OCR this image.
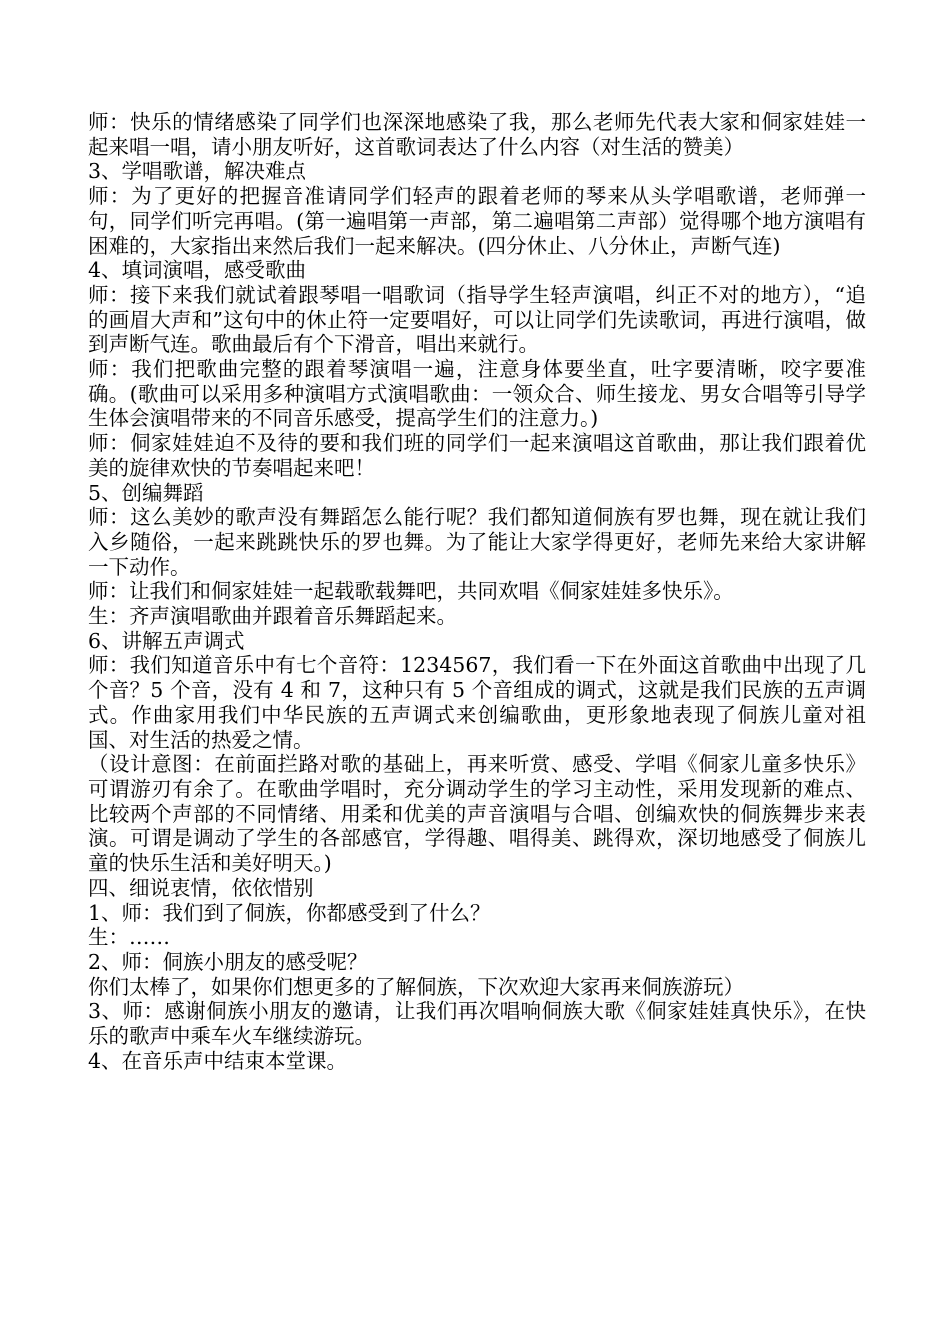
师：快乐的情绪感染了同学们也深深地感染了我，那么老师先代表大家和侗家娃娃一起来唱一唱，请小朋友听好，这首歌词表达了什么内容（对生活的赞美）

3、学唱歌谱，解决难点

师：为了更好的把握音准请同学们轻声的跟着老师的琴来从头学唱歌谱，老师弹一句，同学们听完再唱。(第一遍唱第一声部，第二遍唱第二声部）觉得哪个地方演唱有困难的，大家指出来然后我们一起来解决。(四分休止、八分休止，声断气连)

4、填词演唱，感受歌曲

师：接下来我们就试着跟琴唱一唱歌词（指导学生轻声演唱，纠正不对的地方），“追的画眉大声和”这句中的休止符一定要唱好，可以让同学们先读歌词，再进行演唱，做到声断气连。歌曲最后有个下滑音，唱出来就行。

师：我们把歌曲完整的跟着琴演唱一遍，注意身体要坐直，吐字要清晰，咬字要准确。(歌曲可以采用多种演唱方式演唱歌曲：一领众合、师生接龙、男女合唱等引导学生体会演唱带来的不同音乐感受，提高学生们的注意力。)

师：侗家娃娃迫不及待的要和我们班的同学们一起来演唱这首歌曲，那让我们跟着优美的旋律欢快的节奏唱起来吧！

5、创编舞蹈

师：这么美妙的歌声没有舞蹈怎么能行呢？我们都知道侗族有罗也舞，现在就让我们入乡随俗，一起来跳跳快乐的罗也舞。为了能让大家学得更好，老师先来给大家讲解一下动作。

师：让我们和侗家娃娃一起载歌载舞吧，共同欢唱《侗家娃娃多快乐》。

生：齐声演唱歌曲并跟着音乐舞蹈起来。

6、讲解五声调式

师：我们知道音乐中有七个音符：1234567，我们看一下在外面这首歌曲中出现了几个音？5 个音，没有 4 和 7，这种只有 5 个音组成的调式，这就是我们民族的五声调式。作曲家用我们中华民族的五声调式来创编歌曲，更形象地表现了侗族儿童对祖国、对生活的热爱之情。

（设计意图：在前面拦路对歌的基础上，再来听赏、感受、学唱《侗家儿童多快乐》可谓游刃有余了。在歌曲学唱时，充分调动学生的学习主动性，采用发现新的难点、比较两个声部的不同情绪、用柔和优美的声音演唱与合唱、创编欢快的侗族舞步来表演。可谓是调动了学生的各部感官，学得趣、唱得美、跳得欢，深切地感受了侗族儿童的快乐生活和美好明天。)

四、细说衷情，依依惜别

1、师：我们到了侗族，你都感受到了什么？

生：……

2、师：侗族小朋友的感受呢？

你们太棒了，如果你们想更多的了解侗族，下次欢迎大家再来侗族游玩）

3、师：感谢侗族小朋友的邀请，让我们再次唱响侗族大歌《侗家娃娃真快乐》，在快乐的歌声中乘车火车继续游玩。

4、在音乐声中结束本堂课。
